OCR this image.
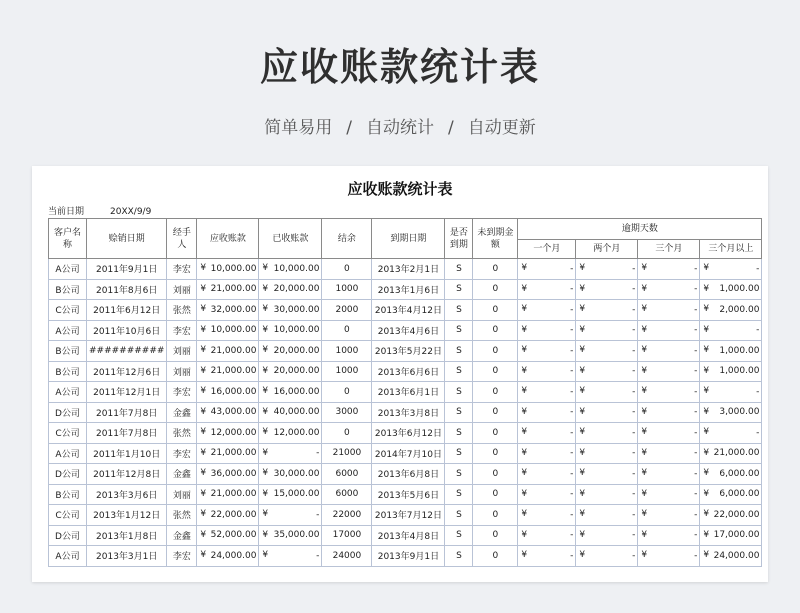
应收账款统计表
简单易用 / 自动统计 / 自动更新
应收账款统计表
当前日期	20XX/9/9
客户名称	赊销日期	经手人	应收账款	已收账款	结余	到期日期	是否到期	未到期金额	逾期天数			
									一个月	两个月	三个月	三个月以上
A公司	2011年9月1日	李宏	¥ 10,000.00	¥ 10,000.00	0	2013年2月1日	S	0	¥ -	¥ -	¥ -	¥ -
B公司	2011年8月6日	刘丽	¥ 21,000.00	¥ 20,000.00	1000	2013年1月6日	S	0	¥ -	¥ -	¥ -	¥ 1,000.00
C公司	2011年6月12日	张然	¥ 32,000.00	¥ 30,000.00	2000	2013年4月12日	S	0	¥ -	¥ -	¥ -	¥ 2,000.00
A公司	2011年10月6日	李宏	¥ 10,000.00	¥ 10,000.00	0	2013年4月6日	S	0	¥ -	¥ -	¥ -	¥ -
B公司	##########	刘丽	¥ 21,000.00	¥ 20,000.00	1000	2013年5月22日	S	0	¥ -	¥ -	¥ -	¥ 1,000.00
B公司	2011年12月6日	刘丽	¥ 21,000.00	¥ 20,000.00	1000	2013年6月6日	S	0	¥ -	¥ -	¥ -	¥ 1,000.00
A公司	2011年12月1日	李宏	¥ 16,000.00	¥ 16,000.00	0	2013年6月1日	S	0	¥ -	¥ -	¥ -	¥ -
D公司	2011年7月8日	金鑫	¥ 43,000.00	¥ 40,000.00	3000	2013年3月8日	S	0	¥ -	¥ -	¥ -	¥ 3,000.00
C公司	2011年7月8日	张然	¥ 12,000.00	¥ 12,000.00	0	2013年6月12日	S	0	¥ -	¥ -	¥ -	¥ -
A公司	2011年1月10日	李宏	¥ 21,000.00	¥ -	21000	2014年7月10日	S	0	¥ -	¥ -	¥ -	¥ 21,000.00
D公司	2011年12月8日	金鑫	¥ 36,000.00	¥ 30,000.00	6000	2013年6月8日	S	0	¥ -	¥ -	¥ -	¥ 6,000.00
B公司	2013年3月6日	刘丽	¥ 21,000.00	¥ 15,000.00	6000	2013年5月6日	S	0	¥ -	¥ -	¥ -	¥ 6,000.00
C公司	2013年1月12日	张然	¥ 22,000.00	¥ -	22000	2013年7月12日	S	0	¥ -	¥ -	¥ -	¥ 22,000.00
D公司	2013年1月8日	金鑫	¥ 52,000.00	¥ 35,000.00	17000	2013年4月8日	S	0	¥ -	¥ -	¥ -	¥ 17,000.00
A公司	2013年3月1日	李宏	¥ 24,000.00	¥ -	24000	2013年9月1日	S	0	¥ -	¥ -	¥ -	¥ 24,000.00
